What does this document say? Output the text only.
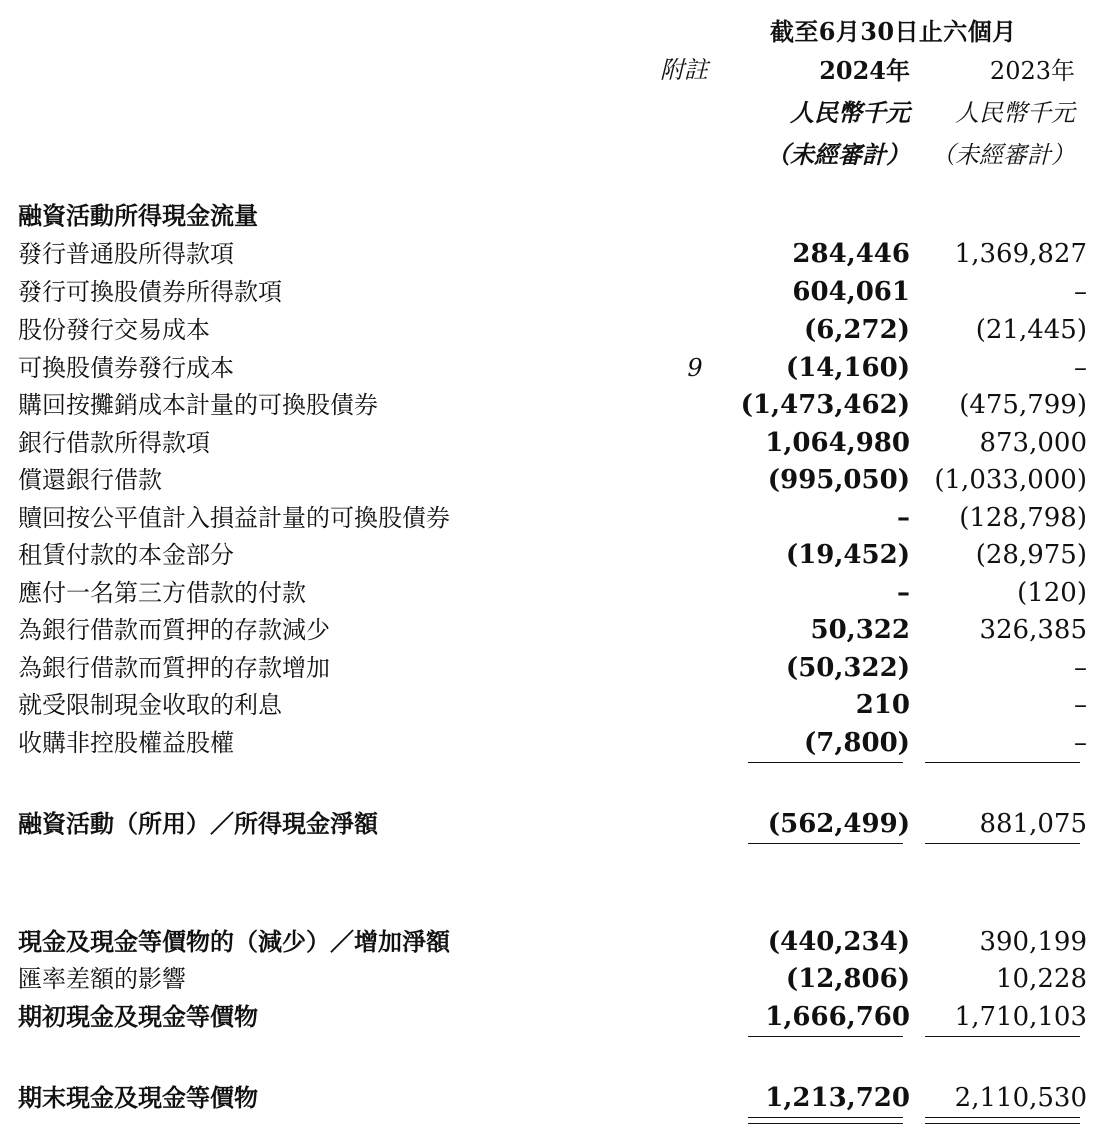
截至6月30日止六個月
附註	2024年
人民幣千元
（未經審計）
2023年
人民幣千元
（未經審計）
融資活動所得現金流量
發行普通股所得款項	284,446	1,369,827
發行可換股債券所得款項	604,061	–
股份發行交易成本	(6,272)	(21,445)
可換股債券發行成本	9	(14,160)	–
購回按攤銷成本計量的可換股債券	(1,473,462)	(475,799)
銀行借款所得款項	1,064,980	873,000
償還銀行借款	(995,050) (1,033,000)
贖回按公平值計入損益計量的可換股債券	–	(128,798)
租賃付款的本金部分	(19,452)	(28,975)
應付一名第三方借款的付款	–	(120)
為銀行借款而質押的存款減少	50,322	326,385
為銀行借款而質押的存款增加	(50,322)	–
就受限制現金收取的利息	210	–
收購非控股權益股權	(7,800)	–
融資活動（所用）／所得現金淨額	(562,499)	881,075
現金及現金等價物的（減少）／增加淨額	(440,234)	390,199
匯率差額的影響	(12,806)	10,228
期初現金及現金等價物	1,666,760	1,710,103
期末現金及現金等價物	1,213,720	2,110,530
